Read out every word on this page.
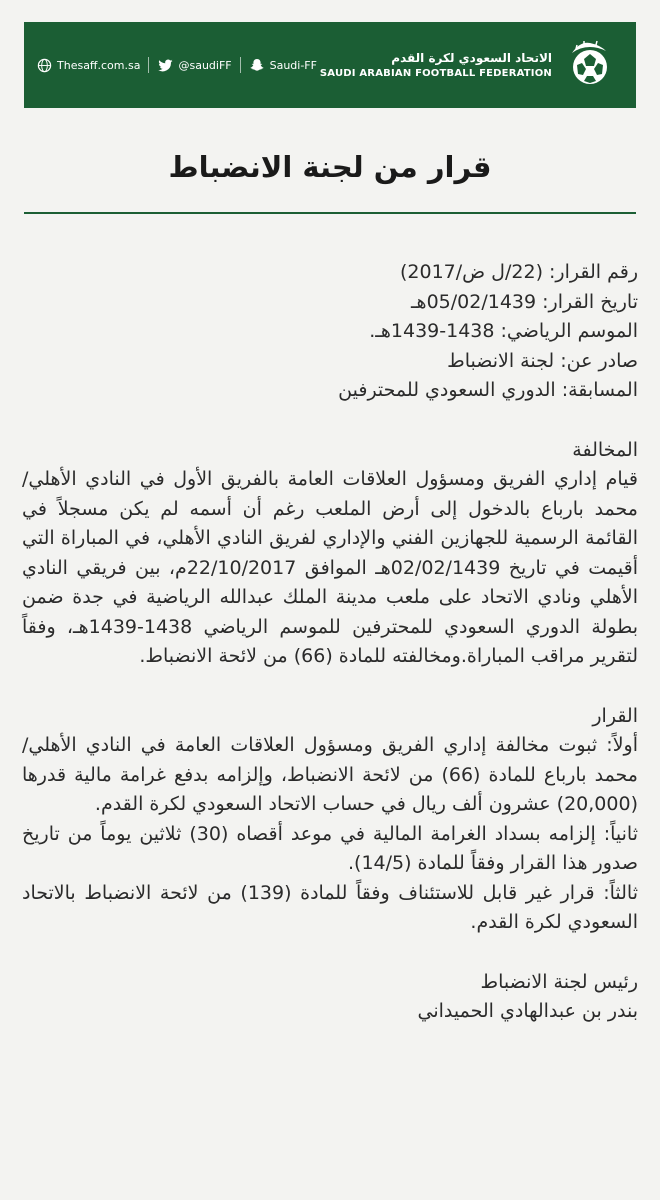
Thesaff.com.sa	@saudiFF	Saudi-FF	الاتحاد السعودي لكرة القدم
SAUDI ARABIAN FOOTBALL FEDERATION
قرار من لجنة الانضباط
رقم القرار: (22/ل ض/2017)
تاريخ القرار: 05/02/1439هـ
الموسم الرياضي: 1438-1439هـ.
صادر عن: لجنة الانضباط
المسابقة: الدوري السعودي للمحترفين
المخالفة

قيام إداري الفريق ومسؤول العلاقات العامة بالفريق الأول في النادي الأهلي/ محمد بارباع بالدخول إلى أرض الملعب رغم أن أسمه لم يكن مسجلاً في القائمة الرسمية للجهازين الفني والإداري لفريق النادي الأهلي، في المباراة التي أقيمت في تاريخ 02/02/1439هـ الموافق 22/10/2017م، بين فريقي النادي الأهلي ونادي الاتحاد على ملعب مدينة الملك عبدالله الرياضية في جدة ضمن بطولة الدوري السعودي للمحترفين للموسم الرياضي 1438-1439هـ، وفقاً لتقرير مراقب المباراة.ومخالفته للمادة (66) من لائحة الانضباط.

القرار

أولاً: ثبوت مخالفة إداري الفريق ومسؤول العلاقات العامة في النادي الأهلي/ محمد بارباع للمادة (66) من لائحة الانضباط، وإلزامه بدفع غرامة مالية قدرها (20,000) عشرون ألف ريال في حساب الاتحاد السعودي لكرة القدم.

ثانياً: إلزامه بسداد الغرامة المالية في موعد أقصاه (30) ثلاثين يوماً من تاريخ صدور هذا القرار وفقاً للمادة (14/5).

ثالثاً: قرار غير قابل للاستئناف وفقاً للمادة (139) من لائحة الانضباط بالاتحاد السعودي لكرة القدم.

رئيس لجنة الانضباط
بندر بن عبدالهادي الحميداني
